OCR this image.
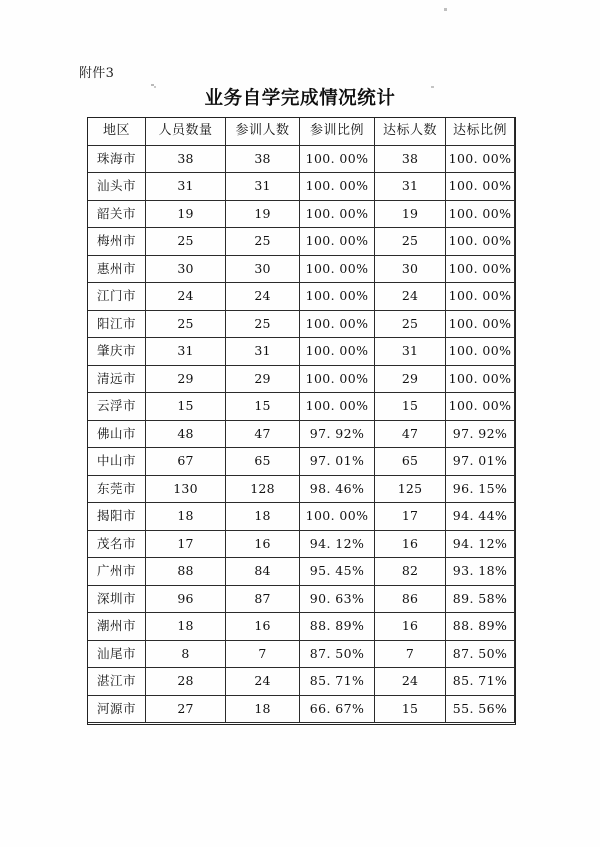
附件3
业务自学完成情况统计
地区	人员数量	参训人数	参训比例	达标人数	达标比例
珠海市	38	38	100. 00%	38	100. 00%
汕头市	31	31	100. 00%	31	100. 00%
韶关市	19	19	100. 00%	19	100. 00%
梅州市	25	25	100. 00%	25	100. 00%
惠州市	30	30	100. 00%	30	100. 00%
江门市	24	24	100. 00%	24	100. 00%
阳江市	25	25	100. 00%	25	100. 00%
肇庆市	31	31	100. 00%	31	100. 00%
清远市	29	29	100. 00%	29	100. 00%
云浮市	15	15	100. 00%	15	100. 00%
佛山市	48	47	97. 92%	47	97. 92%
中山市	67	65	97. 01%	65	97. 01%
东莞市	130	128	98. 46%	125	96. 15%
揭阳市	18	18	100. 00%	17	94. 44%
茂名市	17	16	94. 12%	16	94. 12%
广州市	88	84	95. 45%	82	93. 18%
深圳市	96	87	90. 63%	86	89. 58%
潮州市	18	16	88. 89%	16	88. 89%
汕尾市	8	7	87. 50%	7	87. 50%
湛江市	28	24	85. 71%	24	85. 71%
河源市	27	18	66. 67%	15	55. 56%
